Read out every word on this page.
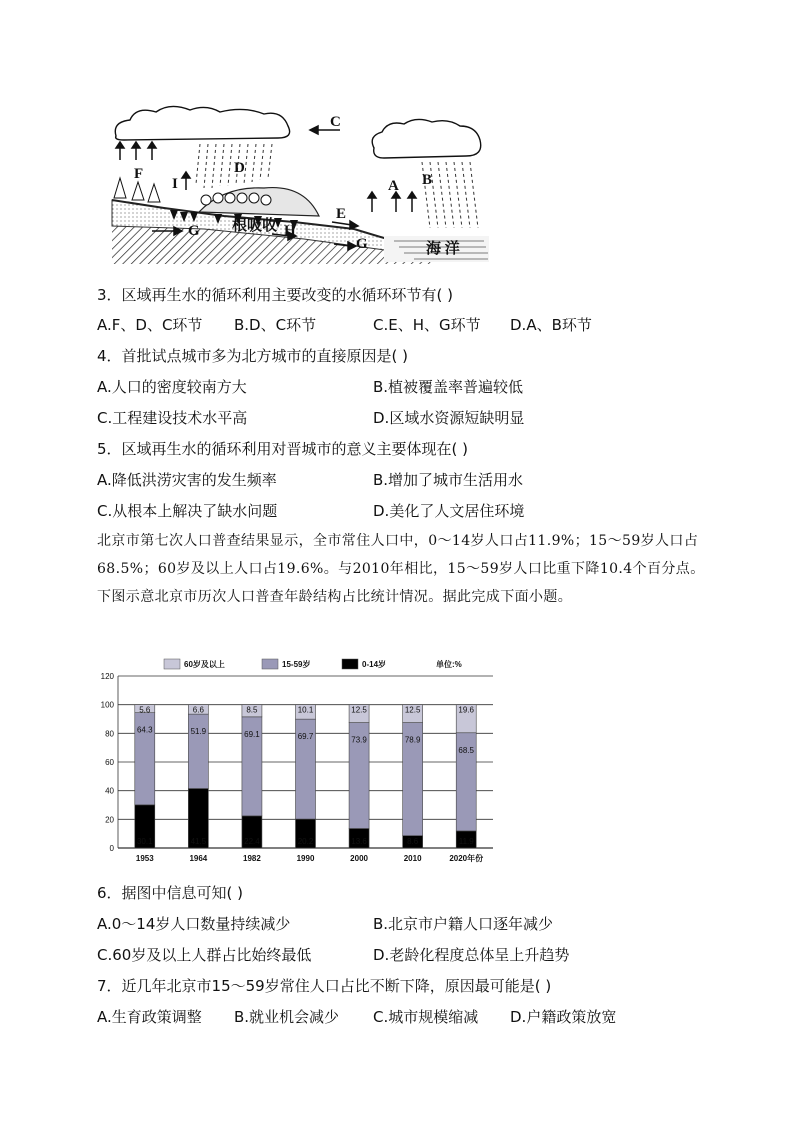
C
D
F
I	A B
E
G	H
G
根吸收
海 洋
3．区域再生水的循环利用主要改变的水循环环节有( )
A.F、D、C环节 B.D、C环节	C.E、H、G环节 D.A、B环节
4．首批试点城市多为北方城市的直接原因是( )
A.人口的密度较南方大	B.植被覆盖率普遍较低
C.工程建设技术水平高	D.区域水资源短缺明显
5．区域再生水的循环利用对晋城市的意义主要体现在( )
A.降低洪涝灾害的发生频率	B.增加了城市生活用水
C.从根本上解决了缺水问题	D.美化了人文居住环境
北京市第七次人口普查结果显示，全市常住人口中，0～14岁人口占11.9%；15～59岁人口占68.5%；60岁及以上人口占19.6%。与2010年相比，15～59岁人口比重下降10.4个百分点。下图示意北京市历次人口普查年龄结构占比统计情况。据此完成下面小题。
60岁及以上	15-59岁	0-14岁	单位:%
0
20
40
60
80
100
120
30.1
64.3
5.6
1953
41.5
51.9
6.6
1964
22.4
69.1
8.5
1982
20.2
69.7
10.1
1990
13.6
73.9
12.5
2000
8.6
78.9
12.5
2010
11.9
68.5
19.6
2020年份
6．据图中信息可知( )
A.0～14岁人口数量持续减少	B.北京市户籍人口逐年减少
C.60岁及以上人群占比始终最低	D.老龄化程度总体呈上升趋势
7．近几年北京市15～59岁常住人口占比不断下降，原因最可能是( )
A.生育政策调整 B.就业机会减少 C.城市规模缩减 D.户籍政策放宽
